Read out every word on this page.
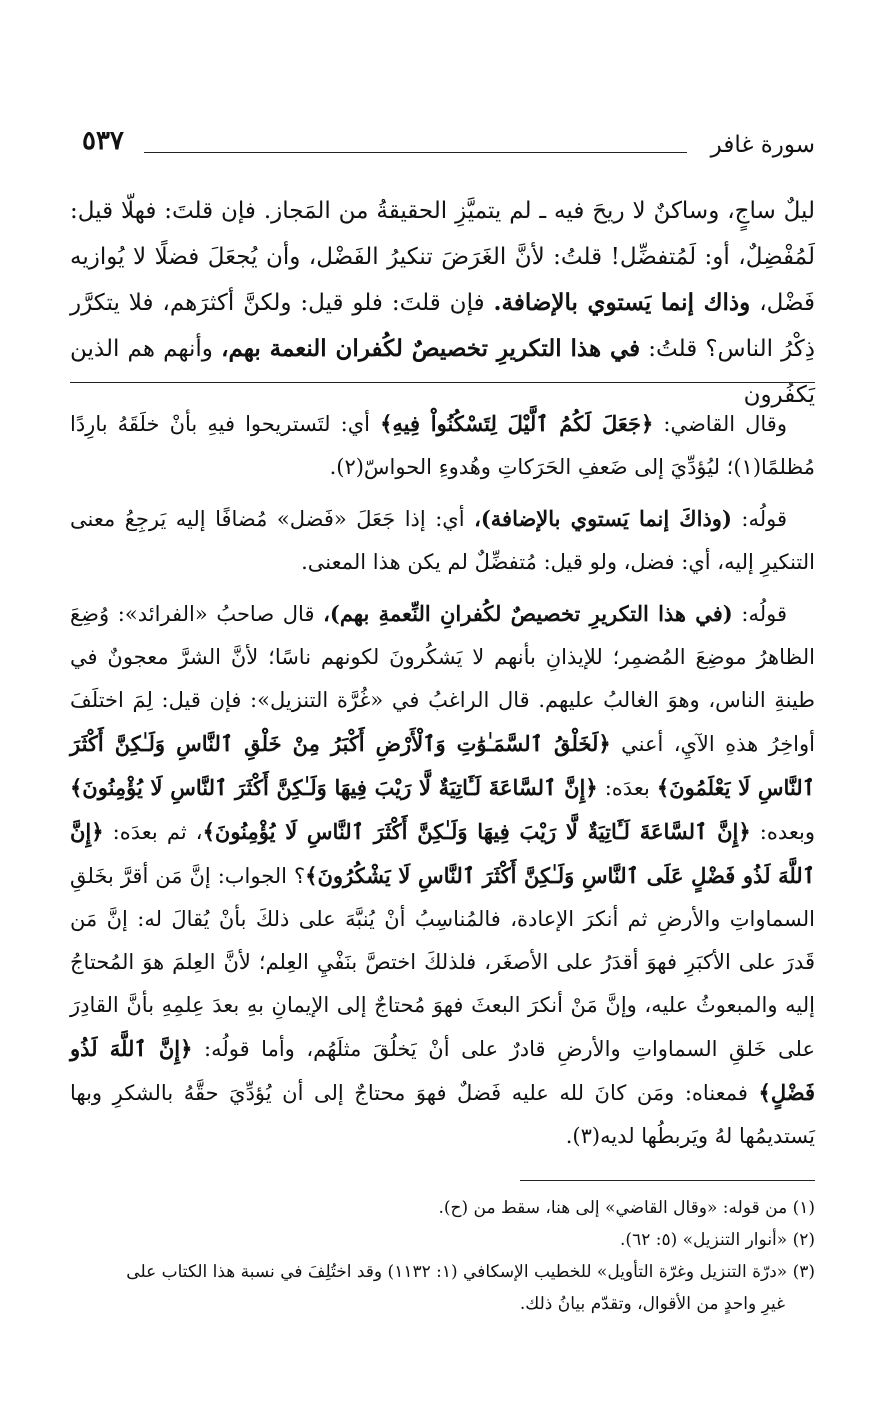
٥٣٧	سورة غافر
ليلٌ ساجٍ، وساكنٌ لا ريحَ فيه ـ لم يتميَّزِ الحقيقةُ من المَجاز. فإن قلتَ: فهلّا قيل: لَمُفْضِلٌ، أو: لَمُتفضِّل! قلتُ: لأنَّ الغَرَضَ تنكيرُ الفَضْل، وأن يُجعَلَ فضلًا لا يُوازيه فَضْل، وذاك إنما يَستوي بالإضافة. فإن قلتَ: فلو قيل: ولكنَّ أكثرَهم، فلا يتكرَّر ذِكْرُ الناس؟ قلتُ: في هذا التكريرِ تخصيصٌ لكُفران النعمة بهم، وأنهم هم الذين يَكفُرون

وقال القاضي: ﴿جَعَلَ لَكُمُ ٱلَّيْلَ لِتَسْكُنُواْ فِيهِ﴾ أي: لتَستريحوا فيهِ بأنْ خلَقَهُ بارِدًا مُظلمًا(١)؛ ليُؤدِّيَ إلى ضَعفِ الحَرَكاتِ وهُدوءِ الحواسّ(٢).

قولُه: (وذاكَ إنما يَستوي بالإضافة)، أي: إذا جَعَلَ «فَضل» مُضافًا إليه يَرجِعُ معنى التنكيرِ إليه، أي: فضل، ولو قيل: مُتفضِّلٌ لم يكن هذا المعنى.

قولُه: (في هذا التكريرِ تخصيصٌ لكُفرانِ النِّعمةِ بهم)، قال صاحبُ «الفرائد»: وُضِعَ الظاهرُ موضِعَ المُضمِر؛ للإيذانِ بأنهم لا يَشكُرونَ لكونهم ناسًا؛ لأنَّ الشرَّ معجونٌ في طينةِ الناس، وهوَ الغالبُ عليهم. قال الراغبُ في «غُرَّة التنزيل»: فإن قيل: لِمَ اختلَفَ أواخِرُ هذهِ الآيِ، أعني ﴿لَخَلْقُ ٱلسَّمَـٰوَٰتِ وَٱلْأَرْضِ أَكْبَرُ مِنْ خَلْقِ ٱلنَّاسِ وَلَـٰكِنَّ أَكْثَرَ ٱلنَّاسِ لَا يَعْلَمُونَ﴾ بعدَه: ﴿إِنَّ ٱلسَّاعَةَ لَـَٔاتِيَةٌ لَّا رَيْبَ فِيهَا وَلَـٰكِنَّ أَكْثَرَ ٱلنَّاسِ لَا يُؤْمِنُونَ﴾ وبعده: ﴿إِنَّ ٱلسَّاعَةَ لَـَٔاتِيَةٌ لَّا رَيْبَ فِيهَا وَلَـٰكِنَّ أَكْثَرَ ٱلنَّاسِ لَا يُؤْمِنُونَ﴾، ثم بعدَه: ﴿إِنَّ ٱللَّهَ لَذُو فَضْلٍ عَلَى ٱلنَّاسِ وَلَـٰكِنَّ أَكْثَرَ ٱلنَّاسِ لَا يَشْكُرُونَ﴾؟ الجواب: إنَّ مَن أقرَّ بخَلقِ السماواتِ والأرضِ ثم أنكرَ الإعادة، فالمُناسِبُ أنْ يُنبَّهَ على ذلكَ بأنْ يُقالَ له: إنَّ مَن قَدرَ على الأكبَرِ فهوَ أقدَرُ على الأصغَر، فلذلكَ اختصَّ بنَفْيِ العِلم؛ لأنَّ العِلمَ هوَ المُحتاجُ إليه والمبعوثُ عليه، وإنَّ مَنْ أنكرَ البعثَ فهوَ مُحتاجٌ إلى الإيمانِ بهِ بعدَ عِلمِهِ بأنَّ القادِرَ على خَلقِ السماواتِ والأرضِ قادرٌ على أنْ يَخلُقَ مثلَهُم، وأما قولُه: ﴿إِنَّ ٱللَّهَ لَذُو فَضْلٍ﴾ فمعناه: ومَن كانَ لله عليه فَضلٌ فهوَ محتاجٌ إلى أن يُؤدِّيَ حقَّهُ بالشكرِ وبها يَستديمُها لهُ ويَربطُها لديه(٣).

(١) من قوله: «وقال القاضي» إلى هنا، سقط من (ح).

(٢) «أنوار التنزيل» (٥: ٦٢).

(٣) «درّة التنزيل وغرّة التأويل» للخطيب الإسكافي (١: ١١٣٢) وقد اختُلِفَ في نسبة هذا الكتاب على

غيرِ واحدٍ من الأقوال، وتقدّم بيانُ ذلك.
